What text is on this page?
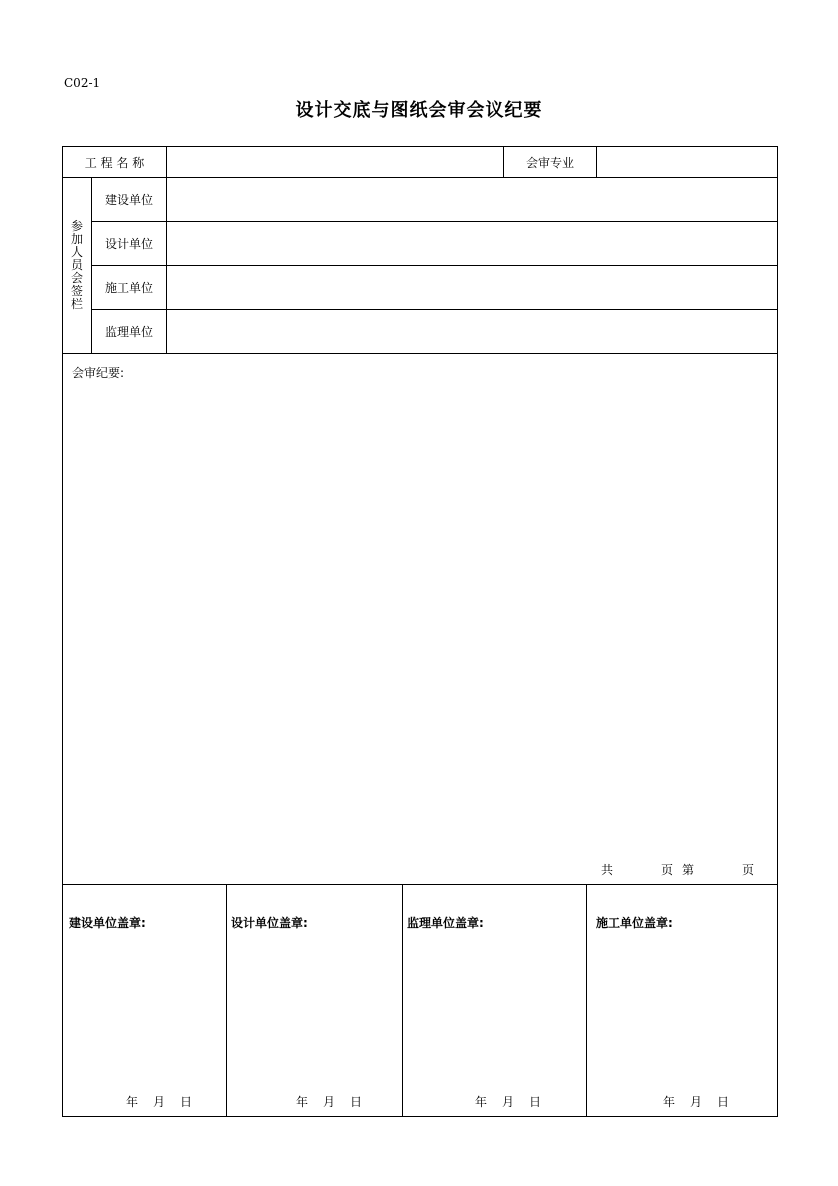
C02-1
设计交底与图纸会审会议纪要
工 程 名 称	会审专业
参
加
人
员
会
签
栏
建设单位
设计单位
施工单位
监理单位
会审纪要:
共	页 第	页
建设单位盖章:
年 月 日
设计单位盖章:
年 月 日
监理单位盖章:
年 月 日
施工单位盖章:
年 月 日
